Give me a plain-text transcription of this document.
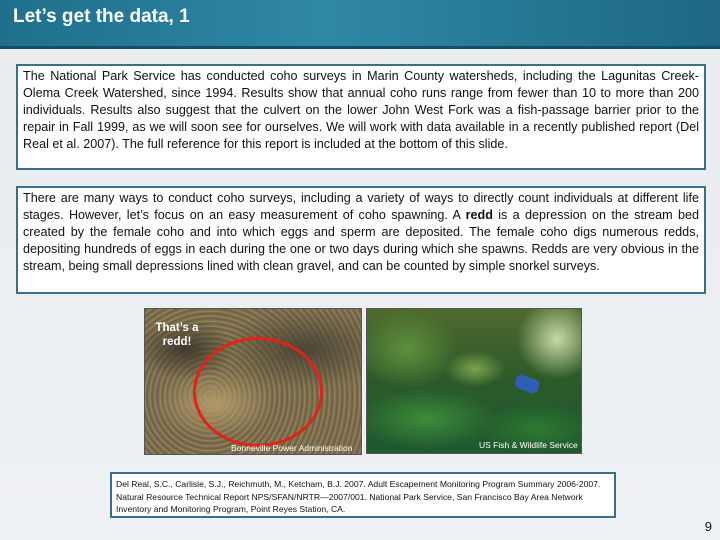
Let’s get the data, 1
The National Park Service has conducted coho surveys in Marin County watersheds, including the Lagunitas Creek-Olema Creek Watershed, since 1994. Results show that annual coho runs range from fewer than 10 to more than 200 individuals. Results also suggest that the culvert on the lower John West Fork was a fish-passage barrier prior to the repair in Fall 1999, as we will soon see for ourselves. We will work with data available in a recently published report (Del Real et al. 2007). The full reference for this report is included at the bottom of this slide.
There are many ways to conduct coho surveys, including a variety of ways to directly count individuals at different life stages. However, let’s focus on an easy measurement of coho spawning. A redd is a depression on the stream bed created by the female coho and into which eggs and sperm are deposited. The female coho digs numerous redds, depositing hundreds of eggs in each during the one or two days during which she spawns. Redds are very obvious in the stream, being small depressions lined with clean gravel, and can be counted by simple snorkel surveys.
That’s a redd!
Bonneville Power Administration	US Fish & Wildlife Service
Del Real, S.C., Carlisle, S.J., Reichmuth, M., Ketcham, B.J. 2007. Adult Escapement Monitoring Program Summary 2006-2007. Natural Resource Technical Report NPS/SFAN/NRTR—2007/001. National Park Service, San Francisco Bay Area Network Inventory and Monitoring Program, Point Reyes Station, CA.
9
